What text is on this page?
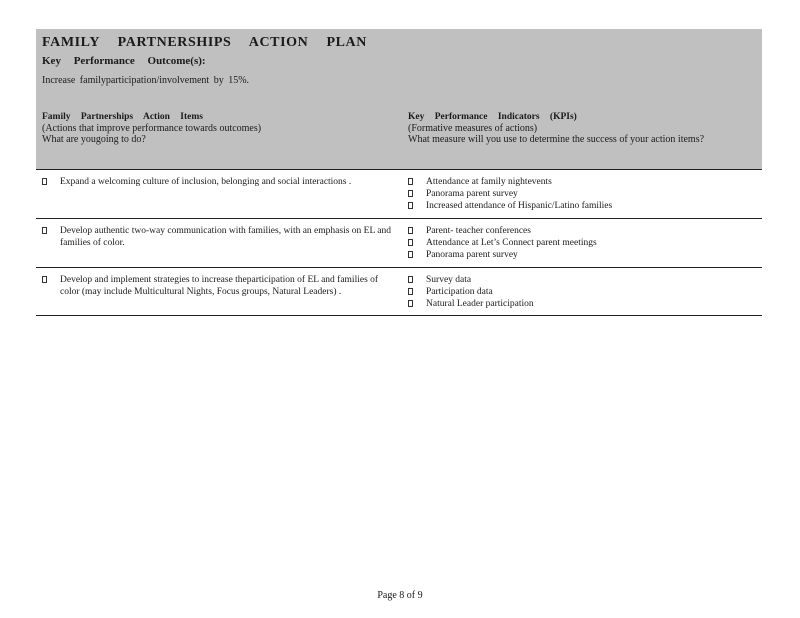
FAMILY PARTNERSHIPS ACTION PLAN
Key Performance Outcome(s):
Increase familyparticipation/involvement by 15%.
Family Partnerships Action Items
(Actions that improve performance towards outcomes)
What are yougoing to do?
Key Performance Indicators (KPIs)
(Formative measures of actions)
What measure will you use to determine the success of your action items?
Expand a welcoming culture of inclusion, belonging and social interactions .	Attendance at family nightevents
Panorama parent survey
Increased attendance of Hispanic/Latino families
Develop authentic two-way communication with families, with an emphasis on EL and families of color.
Parent- teacher conferences
Attendance at Let’s Connect parent meetings
Panorama parent survey
Develop and implement strategies to increase theparticipation of EL and families of color (may include Multicultural Nights, Focus groups, Natural Leaders) .
Survey data
Participation data
Natural Leader participation
Page 8 of 9
